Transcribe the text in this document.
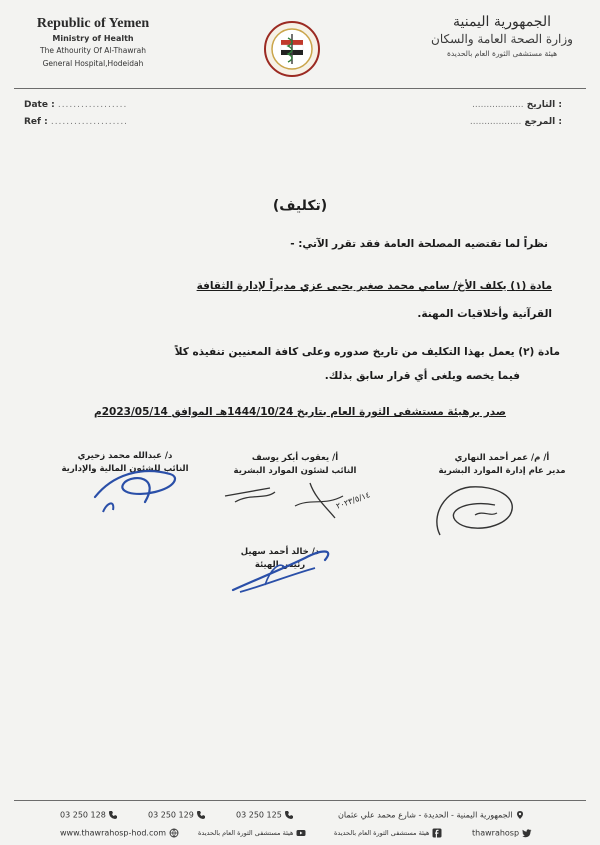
Republic of Yemen
Ministry of Health
The Athourity Of Al-Thawrah
General Hospital,Hodeidah
الجمهورية اليمنية
وزارة الصحة العامة والسكان
هيئة مستشفى الثورة العام بالحديدة
Date : ..................
Ref : ....................
: التاريخ ..................
: المرجع ..................
(تكليف)
نظراً لما تقتضيه المصلحة العامة فقد تقرر الآتي: -
مادة (١) يكلف الأخ/ سامي محمد صغير يحيى عزي مديراً لإدارة الثقافة
القرآنية وأخلاقيات المهنة.
مادة (٢) يعمل بهذا التكليف من تاريخ صدوره وعلى كافة المعنيين تنفيذه كلاً
فيما يخصه ويلغى أي قرار سابق بذلك.
صدر برهيئة مستشفى الثورة العام بتاريخ 1444/10/24هـ الموافق 2023/05/14م
د/ عبدالله محمد زحيري
النائب للشئون المالية والإدارية
أ/ يعقوب أبكر يوسف
النائب لشئون الموارد البشرية
أ/ م/ عمر أحمد النهاري
مدير عام إدارة الموارد البشرية
د/ خالد أحمد سهيل
رئيس الهيئة
٢٠٢٣/٥/١٤
03 250 128	03 250 129	03 250 125	الجمهورية اليمنية - الحديدة - شارع محمد علي عثمان
www.thawrahosp-hod.com	هيئة مستشفى الثورة العام بالحديدة	هيئة مستشفى الثورة العام بالحديدة	thawrahosp
